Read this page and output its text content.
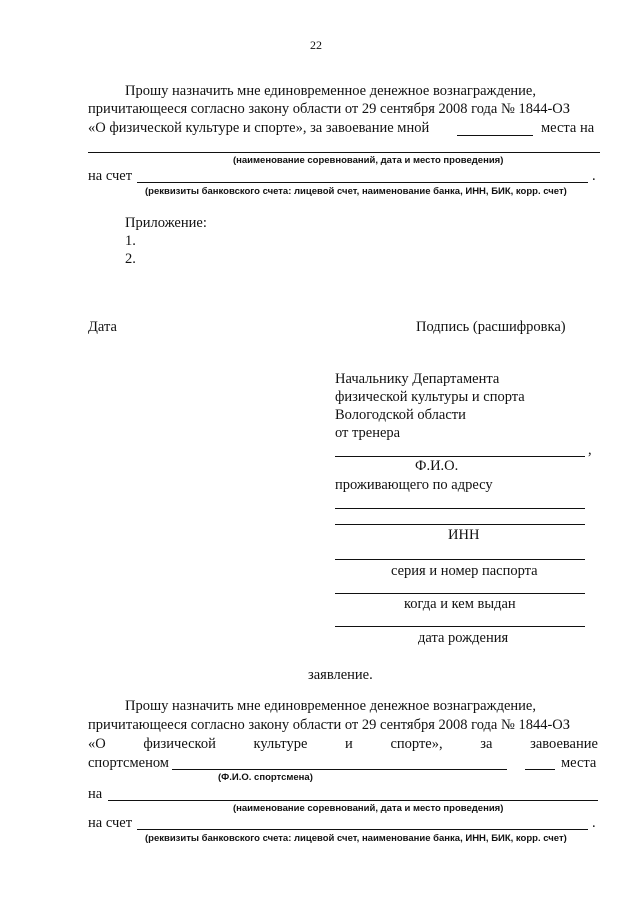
22
Прошу назначить мне единовременное денежное вознаграждение,
причитающееся согласно закону области от 29 сентября 2008 года № 1844-ОЗ
«О физической культуре и спорте», за завоевание мной	места на
(наименование соревнований, дата и место проведения)
на счет	.
(реквизиты банковского счета: лицевой счет, наименование банка, ИНН, БИК, корр. счет)
Приложение:
1.
2.
Дата	Подпись (расшифровка)
Начальнику Департамента
физической культуры и спорта
Вологодской области
от тренера
,
Ф.И.О.
проживающего по адресу
ИНН
серия и номер паспорта
когда и кем выдан
дата рождения
заявление.
Прошу назначить мне единовременное денежное вознаграждение,
причитающееся согласно закону области от 29 сентября 2008 года № 1844-ОЗ
«О	физической	культуре	и	спорте»,	за	завоевание
спортсменом	места
(Ф.И.О. спортсмена)
на
(наименование соревнований, дата и место проведения)
на счет	.
(реквизиты банковского счета: лицевой счет, наименование банка, ИНН, БИК, корр. счет)
